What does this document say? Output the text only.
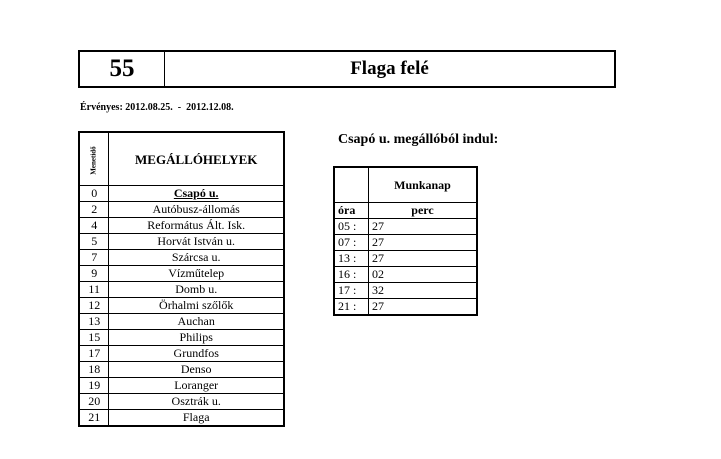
55	Flaga felé
Érvényes: 2012.08.25.  -  2012.12.08.
Menetidő	MEGÁLLÓHELYEK
0	Csapó u.
2	Autóbusz-állomás
4	Református Ált. Isk.
5	Horvát István u.
7	Szárcsa u.
9	Vízműtelep
11	Domb u.
12	Örhalmi szőlők
13	Auchan
15	Philips
17	Grundfos
18	Denso
19	Loranger
20	Osztrák u.
21	Flaga
Csapó u. megállóból indul:
	Munkanap
óra	perc
05 :	27
07 :	27
13 :	27
16 :	02
17 :	32
21 :	27
